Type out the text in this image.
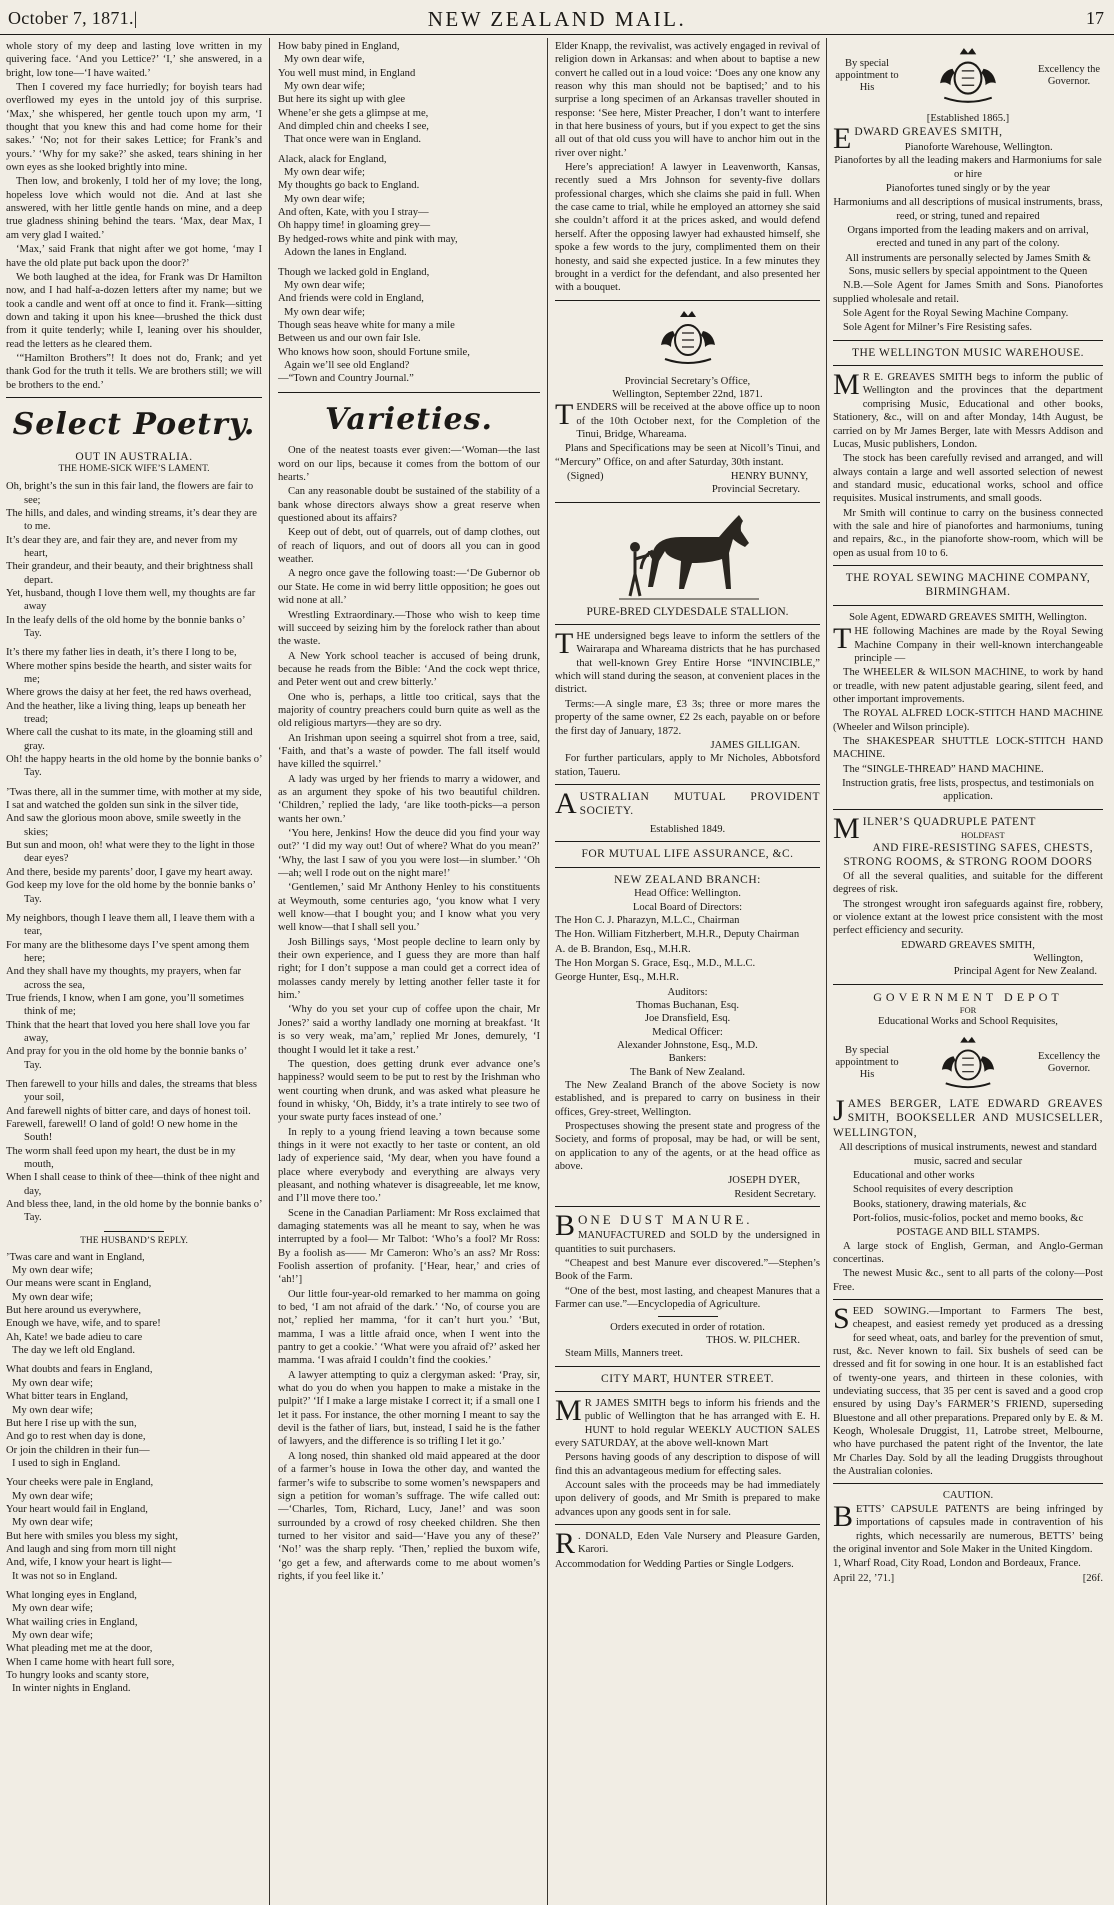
October 7, 1871.|	NEW ZEALAND MAIL.	17

whole story of my deep and lasting love written in my quivering face. ‘And you Lettice?’ ‘I,’ she answered, in a bright, low tone—‘I have waited.’

Then I covered my face hurriedly; for boyish tears had overflowed my eyes in the untold joy of this surprise. ‘Max,’ she whispered, her gentle touch upon my arm, ‘I thought that you knew this and had come home for their sakes.’ ‘No; not for their sakes Lettice; for Frank’s and yours.’ ‘Why for my sake?’ she asked, tears shining in her own eyes as she looked brightly into mine.

Then low, and brokenly, I told her of my love; the long, hopeless love which would not die. And at last she answered, with her little gentle hands on mine, and a deep true gladness shining behind the tears. ‘Max, dear Max, I am very glad I waited.’

‘Max,’ said Frank that night after we got home, ‘may I have the old plate put back upon the door?’

We both laughed at the idea, for Frank was Dr Hamilton now, and I had half-a-dozen letters after my name; but we took a candle and went off at once to find it. Frank—sitting down and taking it upon his knee—brushed the thick dust from it quite tenderly; while I, leaning over his shoulder, read the letters as he cleared them.

‘“Hamilton Brothers”! It does not do, Frank; and yet thank God for the truth it tells. We are brothers still; we will be brothers to the end.’

Select Poetry.
OUT IN AUSTRALIA.
THE HOME-SICK WIFE’S LAMENT.

Oh, bright’s the sun in this fair land, the flowers are fair to see;

The hills, and dales, and winding streams, it’s dear they are to me.

It’s dear they are, and fair they are, and never from my heart,

Their grandeur, and their beauty, and their brightness shall depart.

Yet, husband, though I love them well, my thoughts are far away

In the leafy dells of the old home by the bonnie banks o’ Tay.

It’s there my father lies in death, it’s there I long to be,

Where mother spins beside the hearth, and sister waits for me;

Where grows the daisy at her feet, the red haws overhead,

And the heather, like a living thing, leaps up beneath her tread;

Where call the cushat to its mate, in the gloaming still and gray.

Oh! the happy hearts in the old home by the bonnie banks o’ Tay.

’Twas there, all in the summer time, with mother at my side,

I sat and watched the golden sun sink in the silver tide,

And saw the glorious moon above, smile sweetly in the skies;

But sun and moon, oh! what were they to the light in those dear eyes?

And there, beside my parents’ door, I gave my heart away.

God keep my love for the old home by the bonnie banks o’ Tay.

My neighbors, though I leave them all, I leave them with a tear,

For many are the blithesome days I’ve spent among them here;

And they shall have my thoughts, my prayers, when far across the sea,

True friends, I know, when I am gone, you’ll sometimes think of me;

Think that the heart that loved you here shall love you far away,

And pray for you in the old home by the bonnie banks o’ Tay.

Then farewell to your hills and dales, the streams that bless your soil,

And farewell nights of bitter care, and days of honest toil.

Farewell, farewell! O land of gold! O new home in the South!

The worm shall feed upon my heart, the dust be in my mouth,

When I shall cease to think of thee—think of thee night and day,

And bless thee, land, in the old home by the bonnie banks o’ Tay.

THE HUSBAND’S REPLY.

’Twas care and want in England,

My own dear wife;

Our means were scant in England,

My own dear wife;

But here around us everywhere,

Enough we have, wife, and to spare!

Ah, Kate! we bade adieu to care

The day we left old England.

What doubts and fears in England,

My own dear wife;

What bitter tears in England,

My own dear wife;

But here I rise up with the sun,

And go to rest when day is done,

Or join the children in their fun—

I used to sigh in England.

Your cheeks were pale in England,

My own dear wife;

Your heart would fail in England,

My own dear wife;

But here with smiles you bless my sight,

And laugh and sing from morn till night

And, wife, I know your heart is light—

It was not so in England.

What longing eyes in England,

My own dear wife;

What wailing cries in England,

My own dear wife;

What pleading met me at the door,

When I came home with heart full sore,

To hungry looks and scanty store,

In winter nights in England.

How baby pined in England,

My own dear wife,

You well must mind, in England

My own dear wife;

But here its sight up with glee

Whene’er she gets a glimpse at me,

And dimpled chin and cheeks I see,

That once were wan in England.

Alack, alack for England,

My own dear wife;

My thoughts go back to England.

My own dear wife;

And often, Kate, with you I stray—

Oh happy time! in gloaming grey—

By hedged-rows white and pink with may,

Adown the lanes in England.

Though we lacked gold in England,

My own dear wife;

And friends were cold in England,

My own dear wife;

Though seas heave white for many a mile

Between us and our own fair Isle.

Who knows how soon, should Fortune smile,

Again we’ll see old England?

—“Town and Country Journal.”

Varieties.

One of the neatest toasts ever given:—‘Woman—the last word on our lips, because it comes from the bottom of our hearts.’

Can any reasonable doubt be sustained of the stability of a bank whose directors always show a great reserve when questioned about its affairs?

Keep out of debt, out of quarrels, out of damp clothes, out of reach of liquors, and out of doors all you can in good weather.

A negro once gave the following toast:—‘De Gubernor ob our State. He come in wid berry little opposition; he goes out wid none at all.’

Wrestling Extraordinary.—Those who wish to keep time will succeed by seizing him by the forelock rather than about the waste.

A New York school teacher is accused of being drunk, because he reads from the Bible: ‘And the cock wept thrice, and Peter went out and crew bitterly.’

One who is, perhaps, a little too critical, says that the majority of country preachers could burn quite as well as the old religious martyrs—they are so dry.

An Irishman upon seeing a squirrel shot from a tree, said, ‘Faith, and that’s a waste of powder. The fall itself would have killed the squirrel.’

A lady was urged by her friends to marry a widower, and as an argument they spoke of his two beautiful children. ‘Children,’ replied the lady, ‘are like tooth-picks—a person wants her own.’

‘You here, Jenkins! How the deuce did you find your way out?’ ‘I did my way out! Out of where? What do you mean?’ ‘Why, the last I saw of you you were lost—in slumber.’ ‘Oh—ah; well I rode out on the night mare!’

‘Gentlemen,’ said Mr Anthony Henley to his constituents at Weymouth, some centuries ago, ‘you know what I very well know—that I bought you; and I know what you very well know—that I shall sell you.’

Josh Billings says, ‘Most people decline to learn only by their own experience, and I guess they are more than half right; for I don’t suppose a man could get a correct idea of molasses candy merely by letting another feller taste it for him.’

‘Why do you set your cup of coffee upon the chair, Mr Jones?’ said a worthy landlady one morning at breakfast. ‘It is so very weak, ma’am,’ replied Mr Jones, demurely, ‘I thought I would let it take a rest.’

The question, does getting drunk ever advance one’s happiness? would seem to be put to rest by the Irishman who went courting when drunk, and was asked what pleasure he found in whisky, ‘Oh, Biddy, it’s a trate intirely to see two of your swate purty faces instead of one.’

In reply to a young friend leaving a town because some things in it were not exactly to her taste or content, an old lady of experience said, ‘My dear, when you have found a place where everybody and everything are always very pleasant, and nothing whatever is disagreeable, let me know, and I’ll move there too.’

Scene in the Canadian Parliament: Mr Ross exclaimed that damaging statements was all he meant to say, when he was interrupted by a fool— Mr Talbot: ‘Who’s a fool? Mr Ross: By a foolish as—— Mr Cameron: Who’s an ass? Mr Ross: Foolish assertion of profanity. [‘Hear, hear,’ and cries of ‘ah!’]

Our little four-year-old remarked to her mamma on going to bed, ‘I am not afraid of the dark.’ ‘No, of course you are not,’ replied her mamma, ‘for it can’t hurt you.’ ‘But, mamma, I was a little afraid once, when I went into the pantry to get a cookie.’ ‘What were you afraid of?’ asked her mamma. ‘I was afraid I couldn’t find the cookies.’

A lawyer attempting to quiz a clergyman asked: ‘Pray, sir, what do you do when you happen to make a mistake in the pulpit?’ ‘If I make a large mistake I correct it; if a small one I let it pass. For instance, the other morning I meant to say the devil is the father of liars, but, instead, I said he is the father of lawyers, and the difference is so trifling I let it go.’

A long nosed, thin shanked old maid appeared at the door of a farmer’s house in Iowa the other day, and wanted the farmer’s wife to subscribe to some women’s newspapers and sign a petition for woman’s suffrage. The wife called out:—‘Charles, Tom, Richard, Lucy, Jane!’ and was soon surrounded by a crowd of rosy cheeked children. She then turned to her visitor and said—‘Have you any of these?’ ‘No!’ was the sharp reply. ‘Then,’ replied the buxom wife, ‘go get a few, and afterwards come to me about women’s rights, if you feel like it.’

Elder Knapp, the revivalist, was actively engaged in revival of religion down in Arkansas: and when about to baptise a new convert he called out in a loud voice: ‘Does any one know any reason why this man should not be baptised;’ and to his surprise a long specimen of an Arkansas traveller shouted in response: ‘See here, Mister Preacher, I don’t want to interfere in that here business of yours, but if you expect to get the sins all out of that old cuss you will have to anchor him out in the river over night.’

Here’s appreciation! A lawyer in Leavenworth, Kansas, recently sued a Mrs Johnson for seventy-five dollars professional charges, which she claims she paid in full. When the case came to trial, while he employed an attorney she said she couldn’t afford it at the prices asked, and would defend herself. After the opposing lawyer had exhausted himself, she spoke a few words to the jury, complimented them on their honesty, and said she expected justice. In a few minutes they brought in a verdict for the defendant, and also presented her with a bouquet.

Provincial Secretary’s Office,
Wellington, September 22nd, 1871.

TENDERS will be received at the above office up to noon of the 10th October next, for the Completion of the Tinui, Bridge, Whareama.

Plans and Specifications may be seen at Nicoll’s Tinui, and “Mercury” Office, on and after Saturday, 30th instant.

(Signed)	HENRY BUNNY,
Provincial Secretary.
PURE-BRED CLYDESDALE STALLION.

THE undersigned begs leave to inform the settlers of the Wairarapa and Whareama districts that he has purchased that well-known Grey Entire Horse “INVINCIBLE,” which will stand during the season, at convenient places in the district.

Terms:—A single mare, £3 3s; three or more mares the property of the same owner, £2 2s each, payable on or before the first day of January, 1872.

JAMES GILLIGAN.

For further particulars, apply to Mr Nicholes, Abbotsford station, Taueru.

AUSTRALIAN MUTUAL PROVIDENT SOCIETY.

Established 1849.
FOR MUTUAL LIFE ASSURANCE, &C.
NEW ZEALAND BRANCH:
Head Office: Wellington.
Local Board of Directors:

The Hon C. J. Pharazyn, M.L.C., Chairman

The Hon. William Fitzherbert, M.H.R., Deputy Chairman

A. de B. Brandon, Esq., M.H.R.

The Hon Morgan S. Grace, Esq., M.D., M.L.C.

George Hunter, Esq., M.H.R.

Auditors:
Thomas Buchanan, Esq.
Joe Dransfield, Esq.
Medical Officer:
Alexander Johnstone, Esq., M.D.
Bankers:
The Bank of New Zealand.

The New Zealand Branch of the above Society is now established, and is prepared to carry on business in their offices, Grey-street, Wellington.

Prospectuses showing the present state and progress of the Society, and forms of proposal, may be had, or will be sent, on application to any of the agents, or at the head office as above.

JOSEPH DYER,
Resident Secretary.

BONE DUST MANURE.

MANUFACTURED and SOLD by the undersigned in quantities to suit purchasers.

“Cheapest and best Manure ever discovered.”—Stephen’s Book of the Farm.

“One of the best, most lasting, and cheapest Manures that a Farmer can use.”—Encyclopedia of Agriculture.

Orders executed in order of rotation.
THOS. W. PILCHER.

Steam Mills, Manners treet.

CITY MART, HUNTER STREET.

M R JAMES SMITH begs to inform his friends and the public of Wellington that he has arranged with E. H. HUNT to hold regular WEEKLY AUCTION SALES every SATURDAY, at the above well-known Mart

Persons having goods of any description to dispose of will find this an advantageous medium for effecting sales.

Account sales with the proceeds may be had immediately upon delivery of goods, and Mr Smith is prepared to make advances upon any goods sent in for sale.

R . DONALD, Eden Vale Nursery and Pleasure Garden, Karori.

Accommodation for Wedding Parties or Single Lodgers.

By special appointment to His
Excellency the Governor.
[Established 1865.]

EDWARD GREAVES SMITH,

Pianoforte Warehouse, Wellington.

Pianofortes by all the leading makers and Harmoniums for sale or hire

Pianofortes tuned singly or by the year

Harmoniums and all descriptions of musical instruments, brass, reed, or string, tuned and repaired

Organs imported from the leading makers and on arrival, erected and tuned in any part of the colony.

All instruments are personally selected by James Smith & Sons, music sellers by special appointment to the Queen

N.B.—Sole Agent for James Smith and Sons. Pianofortes supplied wholesale and retail.

Sole Agent for the Royal Sewing Machine Company.

Sole Agent for Milner’s Fire Resisting safes.

THE WELLINGTON MUSIC WAREHOUSE.

M R E. GREAVES SMITH begs to inform the public of Wellington and the provinces that the department comprising Music, Educational and other books, Stationery, &c., will on and after Monday, 14th August, be carried on by Mr James Berger, late with Messrs Addison and Lucas, Music publishers, London.

The stock has been carefully revised and arranged, and will always contain a large and well assorted selection of newest and standard music, educational works, school and office requisites. Musical instruments, and small goods.

Mr Smith will continue to carry on the business connected with the sale and hire of pianofortes and harmoniums, tuning and repairs, &c., in the pianoforte show-room, which will be open as usual from 10 to 6.

THE ROYAL SEWING MACHINE COMPANY, BIRMINGHAM.

Sole Agent, EDWARD GREAVES SMITH, Wellington.

THE following Machines are made by the Royal Sewing Machine Company in their well-known interchangeable principle —

The WHEELER & WILSON MACHINE, to work by hand or treadle, with new patent adjustable gearing, silent feed, and other important improvements.

The ROYAL ALFRED LOCK-STITCH HAND MACHINE (Wheeler and Wilson principle).

The SHAKESPEAR SHUTTLE LOCK-STITCH HAND MACHINE.

The “SINGLE-THREAD” HAND MACHINE.

Instruction gratis, free lists, prospectus, and testimonials on application.

MILNER’S QUADRUPLE PATENT

HOLDFAST
AND FIRE-RESISTING SAFES, CHESTS, STRONG ROOMS, & STRONG ROOM DOORS

Of all the several qualities, and suitable for the different degrees of risk.

The strongest wrought iron safeguards against fire, robbery, or violence extant at the lowest price consistent with the most perfect efficiency and security.

EDWARD GREAVES SMITH,
Wellington,
Principal Agent for New Zealand.
GOVERNMENT DEPOT
FOR
Educational Works and School Requisites,
By special appointment to His
Excellency the Governor.

JAMES BERGER, LATE EDWARD GREAVES SMITH, BOOKSELLER AND MUSICSELLER, WELLINGTON,

All descriptions of musical instruments, newest and standard music, sacred and secular

Educational and other works

School requisites of every description

Books, stationery, drawing materials, &c

Port-folios, music-folios, pocket and memo books, &c

POSTAGE AND BILL STAMPS.

A large stock of English, German, and Anglo-German concertinas.

The newest Music &c., sent to all parts of the colony—Post Free.

SEED SOWING.—Important to Farmers The best, cheapest, and easiest remedy yet produced as a dressing for seed wheat, oats, and barley for the prevention of smut, rust, &c. Never known to fail. Six bushels of seed can be dressed and fit for sowing in one hour. It is an established fact of twenty-one years, and thirteen in these colonies, with undeviating success, that 35 per cent is saved and a good crop ensured by using Day’s FARMER’S FRIEND, superseding Bluestone and all other preparations. Prepared only by E. & M. Keogh, Wholesale Druggist, 11, Latrobe street, Melbourne, who have purchased the patent right of the Inventor, the late Mr Charles Day. Sold by all the leading Druggists throughout the Australian colonies.

CAUTION.

BETTS’ CAPSULE PATENTS are being infringed by importations of capsules made in contravention of his rights, which necessarily are numerous, BETTS’ being the original inventor and Sole Maker in the United Kingdom.

1, Wharf Road, City Road, London and Bordeaux, France.

April 22, ’71.]	[26f.
